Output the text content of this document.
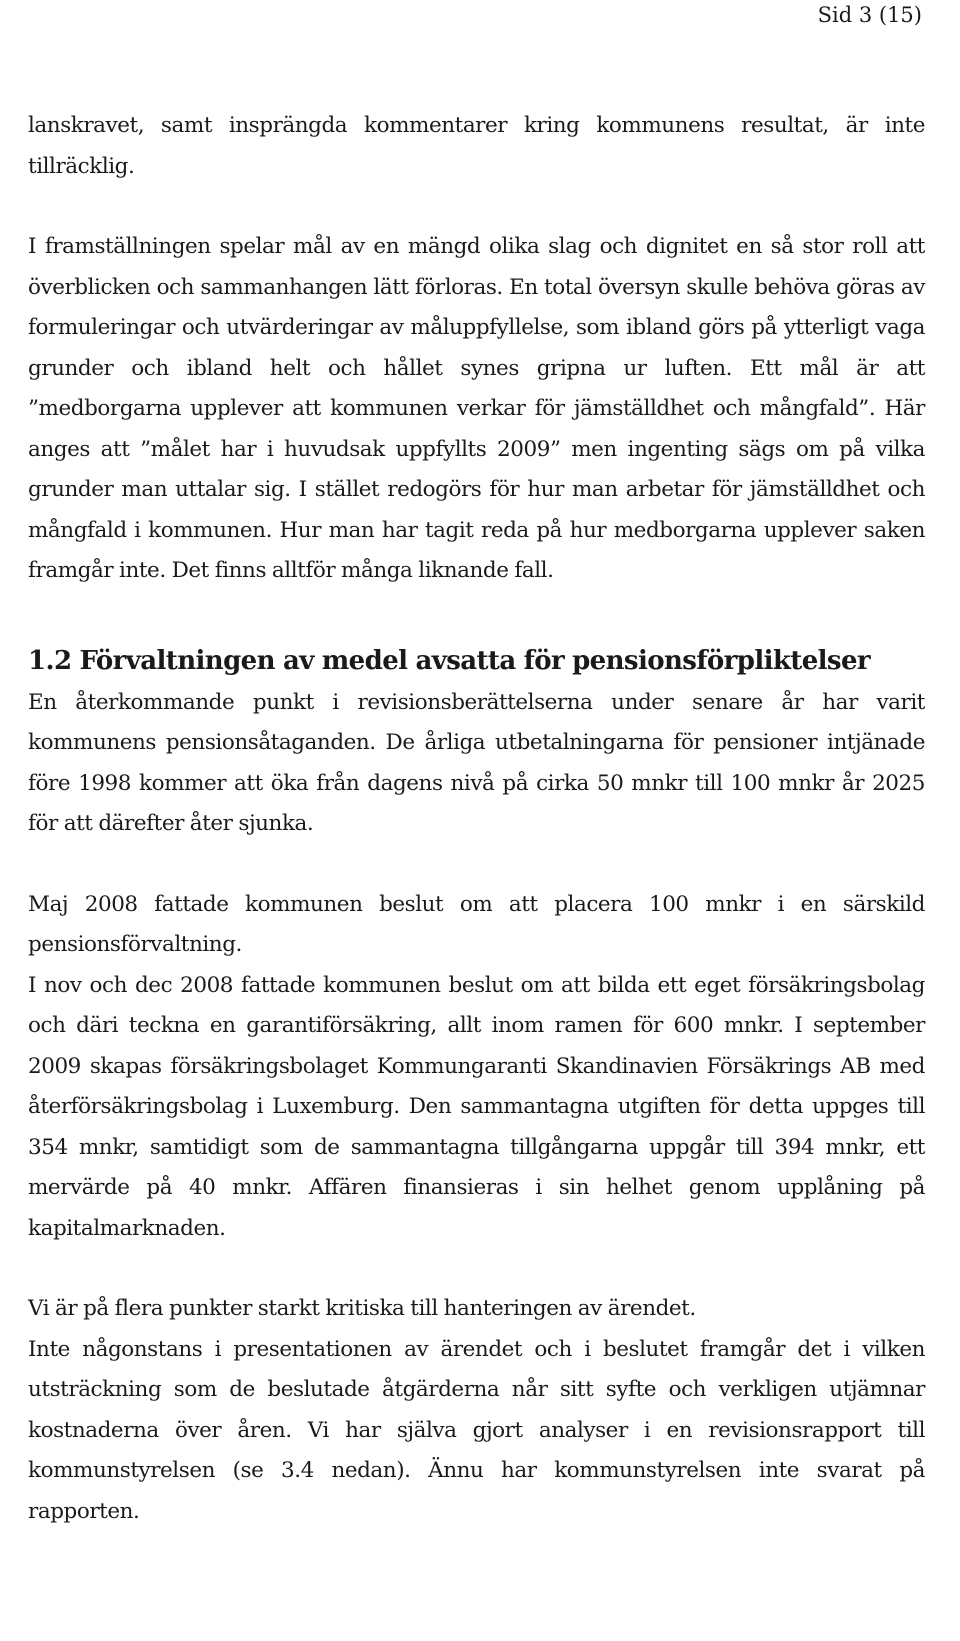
Sid 3 (15)

lanskravet, samt insprängda kommentarer kring kommunens resultat, är inte tillräcklig.

I framställningen spelar mål av en mängd olika slag och dignitet en så stor roll att överblicken och sammanhangen lätt förloras. En total översyn skulle behöva göras av formuleringar och utvärderingar av måluppfyllelse, som ibland görs på ytterligt vaga grunder och ibland helt och hållet synes gripna ur luften. Ett mål är att ”medborgarna upplever att kommunen verkar för jämställdhet och mångfald”. Här anges att ”målet har i huvudsak uppfyllts 2009” men ingenting sägs om på vilka grunder man uttalar sig. I stället redogörs för hur man arbetar för jämställdhet och mångfald i kommunen. Hur man har tagit reda på hur medborgarna upplever saken framgår inte. Det finns alltför många liknande fall.

1.2 Förvaltningen av medel avsatta för pensionsförpliktelser

En återkommande punkt i revisionsberättelserna under senare år har varit kommunens pensionsåtaganden. De årliga utbetalningarna för pensioner intjänade före 1998 kommer att öka från dagens nivå på cirka 50 mnkr till 100 mnkr år 2025 för att därefter åter sjunka.

Maj 2008 fattade kommunen beslut om att placera 100 mnkr i en särskild pensionsförvaltning.

I nov och dec 2008 fattade kommunen beslut om att bilda ett eget försäkringsbolag och däri teckna en garantiförsäkring, allt inom ramen för 600 mnkr. I september 2009 skapas försäkringsbolaget Kommungaranti Skandinavien Försäkrings AB med återförsäkringsbolag i Luxemburg. Den sammantagna utgiften för detta uppges till 354 mnkr, samtidigt som de sammantagna tillgångarna uppgår till 394 mnkr, ett mervärde på 40 mnkr. Affären finansieras i sin helhet genom upplåning på kapitalmarknaden.

Vi är på flera punkter starkt kritiska till hanteringen av ärendet.

Inte någonstans i presentationen av ärendet och i beslutet framgår det i vilken utsträckning som de beslutade åtgärderna når sitt syfte och verkligen utjämnar kostnaderna över åren. Vi har själva gjort analyser i en revisionsrapport till kommunstyrelsen (se 3.4 nedan). Ännu har kommunstyrelsen inte svarat på rapporten.
